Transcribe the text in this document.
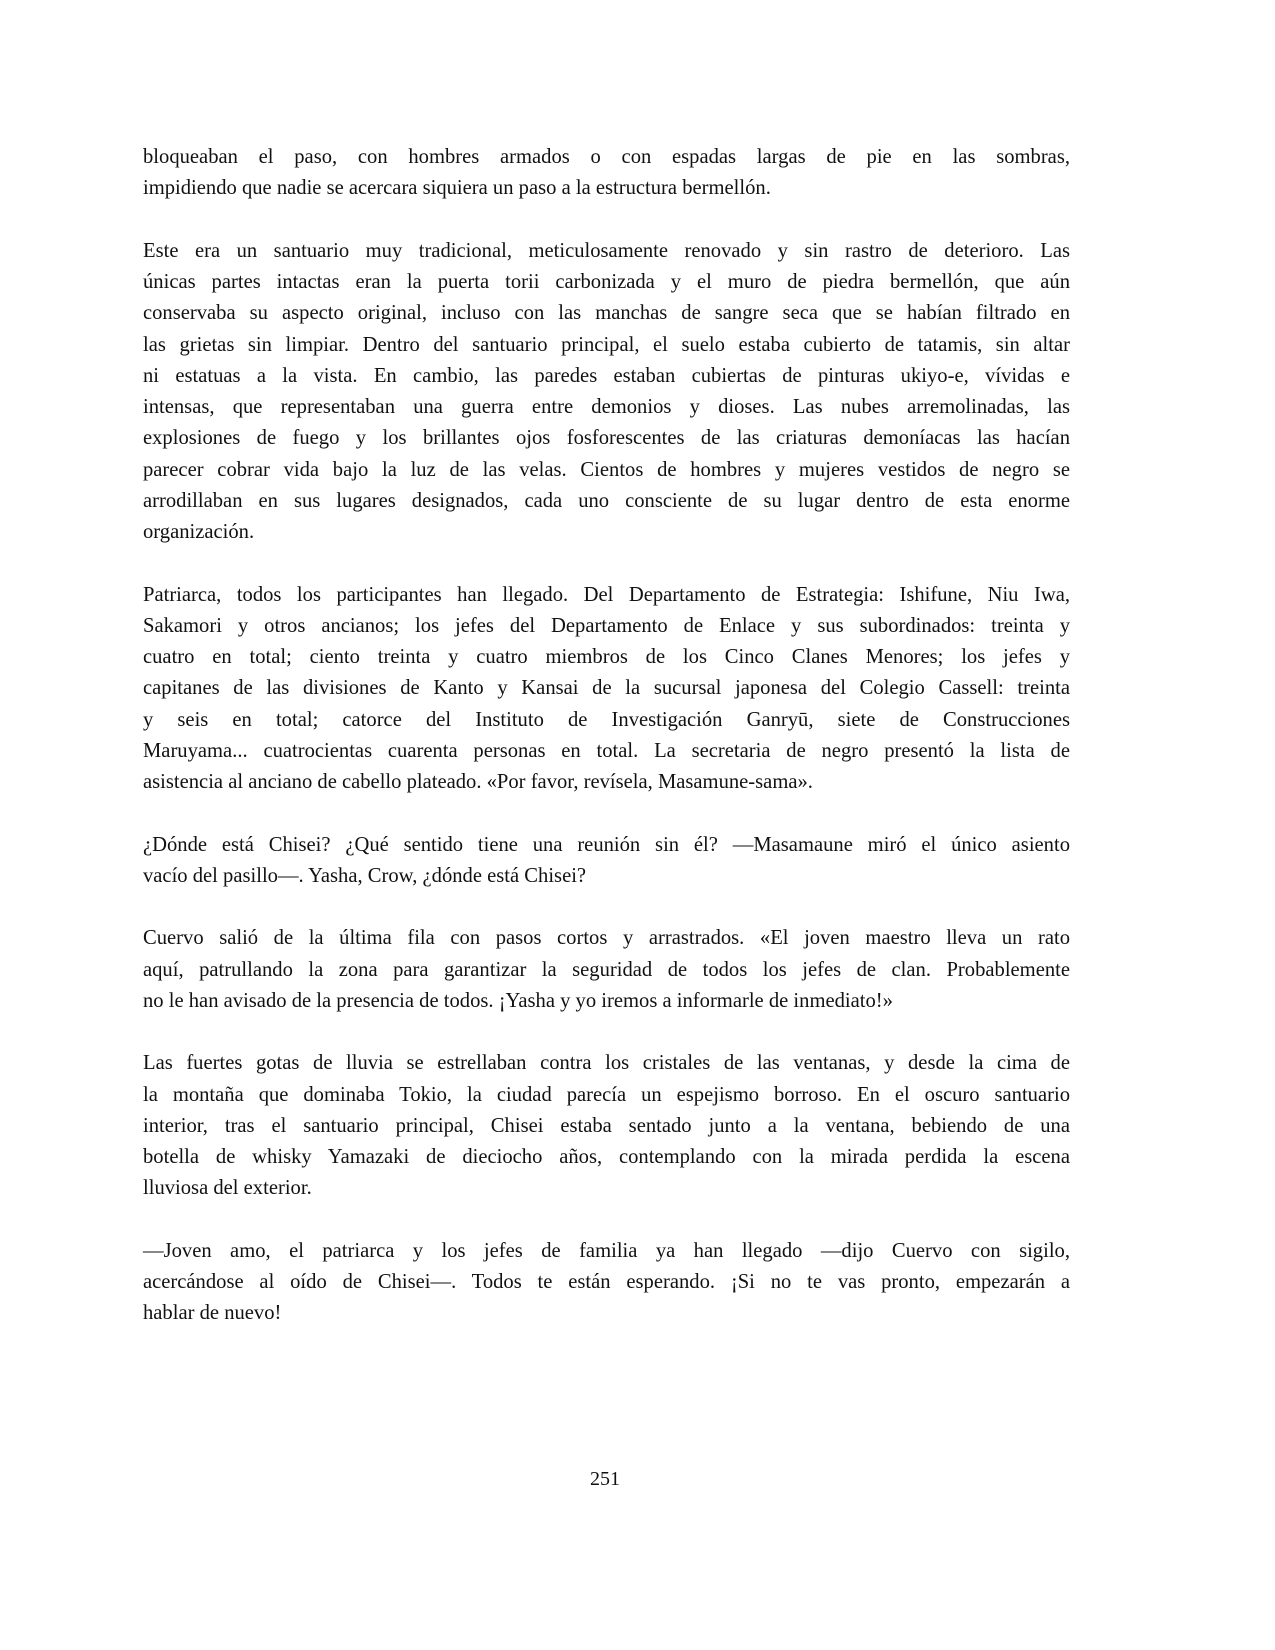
bloqueaban el paso, con hombres armados o con espadas largas de pie en las sombras,
impidiendo que nadie se acercara siquiera un paso a la estructura bermellón.
Este era un santuario muy tradicional, meticulosamente renovado y sin rastro de deterioro. Las
únicas partes intactas eran la puerta torii carbonizada y el muro de piedra bermellón, que aún
conservaba su aspecto original, incluso con las manchas de sangre seca que se habían filtrado en
las grietas sin limpiar. Dentro del santuario principal, el suelo estaba cubierto de tatamis, sin altar
ni estatuas a la vista. En cambio, las paredes estaban cubiertas de pinturas ukiyo-e, vívidas e
intensas, que representaban una guerra entre demonios y dioses. Las nubes arremolinadas, las
explosiones de fuego y los brillantes ojos fosforescentes de las criaturas demoníacas las hacían
parecer cobrar vida bajo la luz de las velas. Cientos de hombres y mujeres vestidos de negro se
arrodillaban en sus lugares designados, cada uno consciente de su lugar dentro de esta enorme
organización.
Patriarca, todos los participantes han llegado. Del Departamento de Estrategia: Ishifune, Niu Iwa,
Sakamori y otros ancianos; los jefes del Departamento de Enlace y sus subordinados: treinta y
cuatro en total; ciento treinta y cuatro miembros de los Cinco Clanes Menores; los jefes y
capitanes de las divisiones de Kanto y Kansai de la sucursal japonesa del Colegio Cassell: treinta
y seis en total; catorce del Instituto de Investigación Ganryū, siete de Construcciones
Maruyama... cuatrocientas cuarenta personas en total. La secretaria de negro presentó la lista de
asistencia al anciano de cabello plateado. «Por favor, revísela, Masamune-sama».
¿Dónde está Chisei? ¿Qué sentido tiene una reunión sin él? —Masamaune miró el único asiento
vacío del pasillo—. Yasha, Crow, ¿dónde está Chisei?
Cuervo salió de la última fila con pasos cortos y arrastrados. «El joven maestro lleva un rato
aquí, patrullando la zona para garantizar la seguridad de todos los jefes de clan. Probablemente
no le han avisado de la presencia de todos. ¡Yasha y yo iremos a informarle de inmediato!»
Las fuertes gotas de lluvia se estrellaban contra los cristales de las ventanas, y desde la cima de
la montaña que dominaba Tokio, la ciudad parecía un espejismo borroso. En el oscuro santuario
interior, tras el santuario principal, Chisei estaba sentado junto a la ventana, bebiendo de una
botella de whisky Yamazaki de dieciocho años, contemplando con la mirada perdida la escena
lluviosa del exterior.
—Joven amo, el patriarca y los jefes de familia ya han llegado —dijo Cuervo con sigilo,
acercándose al oído de Chisei—. Todos te están esperando. ¡Si no te vas pronto, empezarán a
hablar de nuevo!
251
